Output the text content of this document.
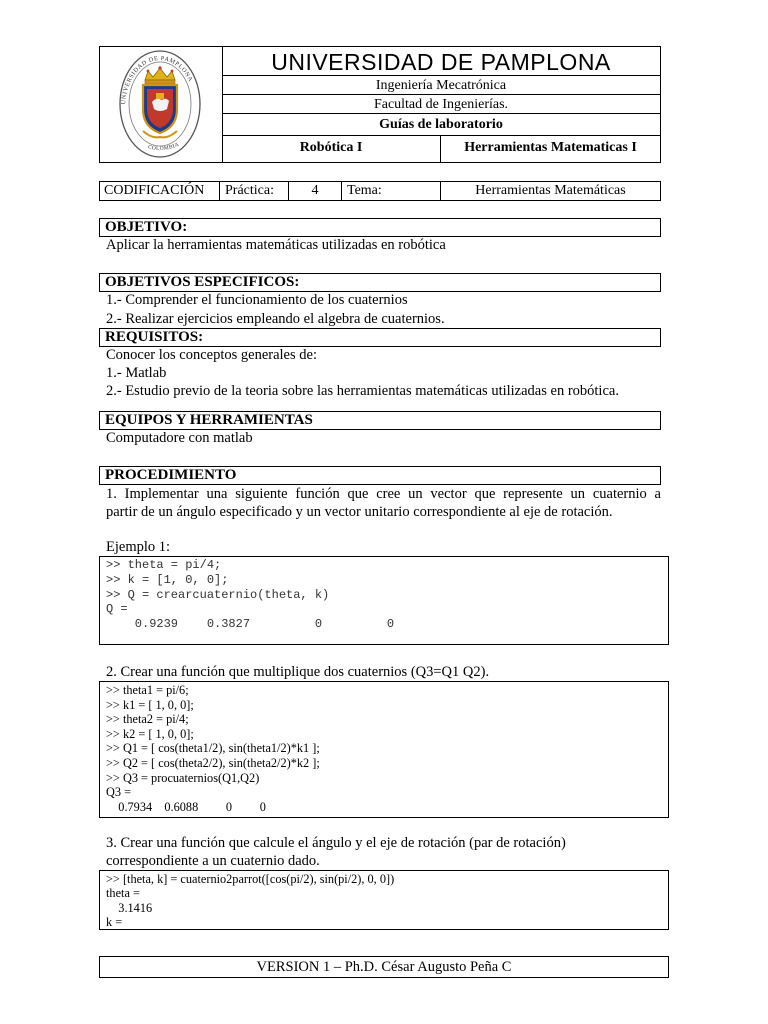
UNIVERSIDAD DE PAMPLONA
COLOMBIA
UNIVERSIDAD DE PAMPLONA
Ingeniería Mecatrónica
Facultad de Ingenierías.
Guías de laboratorio
Robótica I	Herramientas Matematicas I
CODIFICACIÓN	Práctica:	4	Tema:	Herramientas Matemáticas
OBJETIVO:
Aplicar la herramientas matemáticas utilizadas en robótica
OBJETIVOS ESPECIFICOS:
1.- Comprender el funcionamiento de los cuaternios
2.- Realizar ejercicios empleando el algebra de cuaternios.
REQUISITOS:
Conocer los conceptos generales de:
1.- Matlab
2.- Estudio previo de la teoria sobre las herramientas matemáticas utilizadas en robótica.
EQUIPOS Y HERRAMIENTAS
Computadore con matlab
PROCEDIMIENTO
1. Implementar una siguiente función que cree un vector que represente un cuaternio a
partir de un ángulo especificado y un vector unitario correspondiente al eje de rotación.
Ejemplo 1:
>> theta = pi/4;
>> k = [1, 0, 0];
>> Q = crearcuaternio(theta, k)
Q =
0.9239    0.3827         0         0
2. Crear una función que multiplique dos cuaternios (Q3=Q1 Q2).
>> theta1 = pi/6;
>> k1 = [ 1, 0, 0];
>> theta2 = pi/4;
>> k2 = [ 1, 0, 0];
>> Q1 = [ cos(theta1/2), sin(theta1/2)*k1 ];
>> Q2 = [ cos(theta2/2), sin(theta2/2)*k2 ];
>> Q3 = procuaternios(Q1,Q2)
Q3 =
0.7934    0.6088         0         0
3. Crear una función que calcule el ángulo y el eje de rotación (par de rotación)
correspondiente a un cuaternio dado.
>> [theta, k] = cuaternio2parrot([cos(pi/2), sin(pi/2), 0, 0])
theta =
3.1416
k =
VERSION 1 – Ph.D. César Augusto Peña C
